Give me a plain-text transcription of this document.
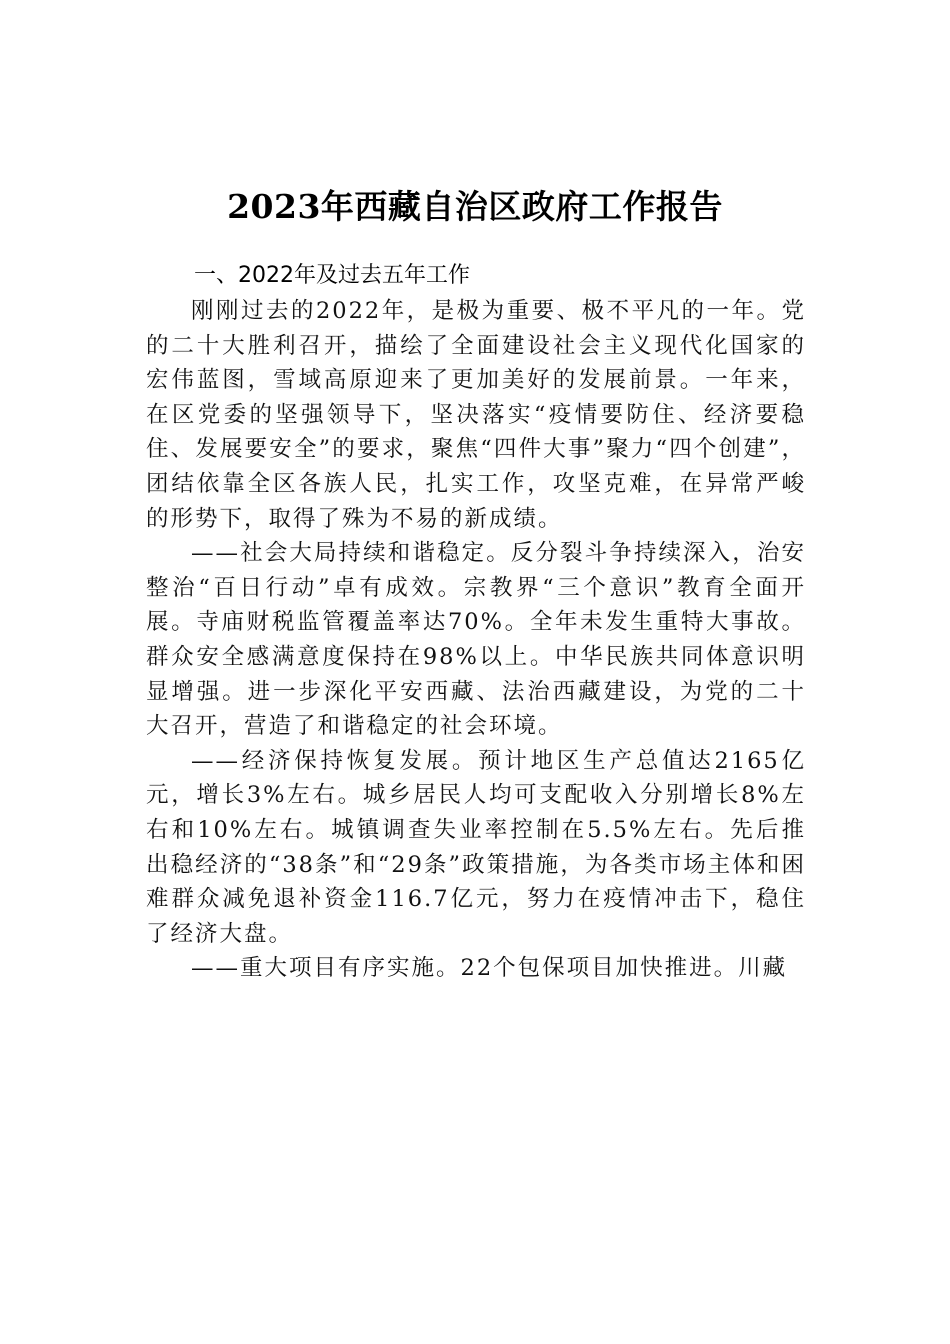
2023年西藏自治区政府工作报告
一、2022年及过去五年工作

刚刚过去的2022年，是极为重要、极不平凡的一年。党的二十大胜利召开，描绘了全面建设社会主义现代化国家的宏伟蓝图，雪域高原迎来了更加美好的发展前景。一年来，在区党委的坚强领导下，坚决落实“疫情要防住、经济要稳住、发展要安全”的要求，聚焦“四件大事”聚力“四个创建”，团结依靠全区各族人民，扎实工作，攻坚克难，在异常严峻的形势下，取得了殊为不易的新成绩。

——社会大局持续和谐稳定。反分裂斗争持续深入，治安整治“百日行动”卓有成效。宗教界“三个意识”教育全面开展。寺庙财税监管覆盖率达70%。全年未发生重特大事故。群众安全感满意度保持在98%以上。中华民族共同体意识明显增强。进一步深化平安西藏、法治西藏建设，为党的二十大召开，营造了和谐稳定的社会环境。

——经济保持恢复发展。预计地区生产总值达2165亿元，增长3%左右。城乡居民人均可支配收入分别增长8%左右和10%左右。城镇调查失业率控制在5.5%左右。先后推出稳经济的“38条”和“29条”政策措施，为各类市场主体和困难群众减免退补资金116.7亿元，努力在疫情冲击下，稳住了经济大盘。

——重大项目有序实施。22个包保项目加快推进。川藏
